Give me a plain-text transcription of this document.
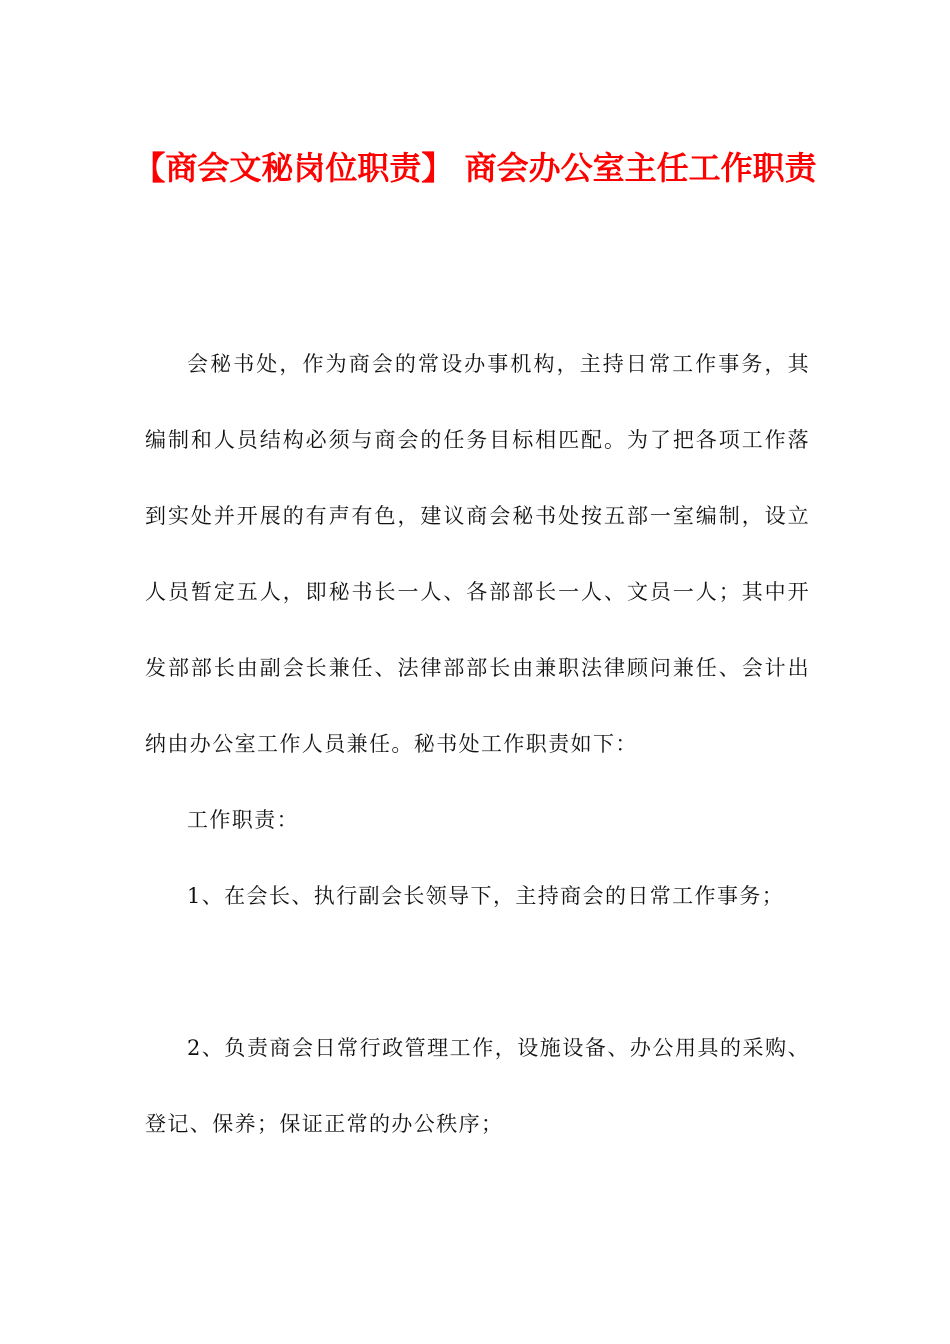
【商会文秘岗位职责】 商会办公室主任工作职责

会秘书处，作为商会的常设办事机构，主持日常工作事务，其编制和人员结构必须与商会的任务目标相匹配。为了把各项工作落到实处并开展的有声有色，建议商会秘书处按五部一室编制，设立人员暂定五人，即秘书长一人、各部部长一人、文员一人；其中开发部部长由副会长兼任、法律部部长由兼职法律顾问兼任、会计出纳由办公室工作人员兼任。秘书处工作职责如下：

工作职责：

1、在会长、执行副会长领导下，主持商会的日常工作事务；

2、负责商会日常行政管理工作，设施设备、办公用具的采购、登记、保养；保证正常的办公秩序；
